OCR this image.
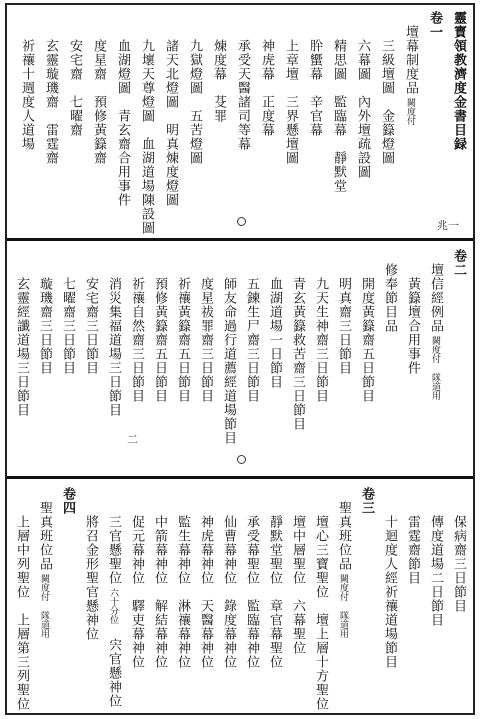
靈寳領教濟度金書目録
卷一
壇幕制度品闕度付
三級壇圖金籙燈圖
六幕圖內外壇疏設圖
精思圖監臨幕靜默堂
肸蠁幕辛官幕
上章壇三界懸壇圖
神虎幕正度幕
承受天醫諸司等幕
煉度幕芟罪
九獄燈圖五苦燈圖
諸天北燈圖明真煉度燈圖
九壞天尊燈圖血湖道場陳設圖
血湖燈圖青玄齋合用事件
度星齋預修黃籙齋
安宅齋七曜齋
玄靈璇璣齋雷霆齋
祈禳十週度人道場
兆一
卷二
壇信經例品闕度付 隊道用
黃籙壇合用事件
修奉節目品
開度黃籙齋五日節目
明真齋三日節目
九天生神齋三日節目
青玄黃籙救苦齋三日節目
血湖道場一日節目
五鍊生尸齋三日節目
師友命過行道薦經道場節目
度星祓罪齋三日節目
祈禳黃籙齋五日節目
預修黃籙齋五日節目
祈禳自然齋三日節目
消災集福道場三日節目
安宅齋三日節目
七曜齋三日節目
璇璣齋三日節目
玄靈經讖道場三日節目
二
保病齋三日節目
傳度道場二日節目
雷霆齋節目
十迴度人經祈禳道場節目
卷三
聖真班位品闕度付 隊道用
壇心三寶聖位壇上層十方聖位
壇中層聖位六幕聖位
靜默堂聖位章官幕聖位
承受幕聖位監臨幕神位
仙曹幕神位錄度幕神位
神虎幕神位天醫幕神位
監生幕神位淋禳幕神位
中箭幕神位解結幕神位
促元幕神位驛吏幕神位
三官懸聖位六十分位宍官懸神位
將召金形聖官懸神位
卷四
聖真班位品闕度付 隊道用
上層中列聖位上層第三列聖位
